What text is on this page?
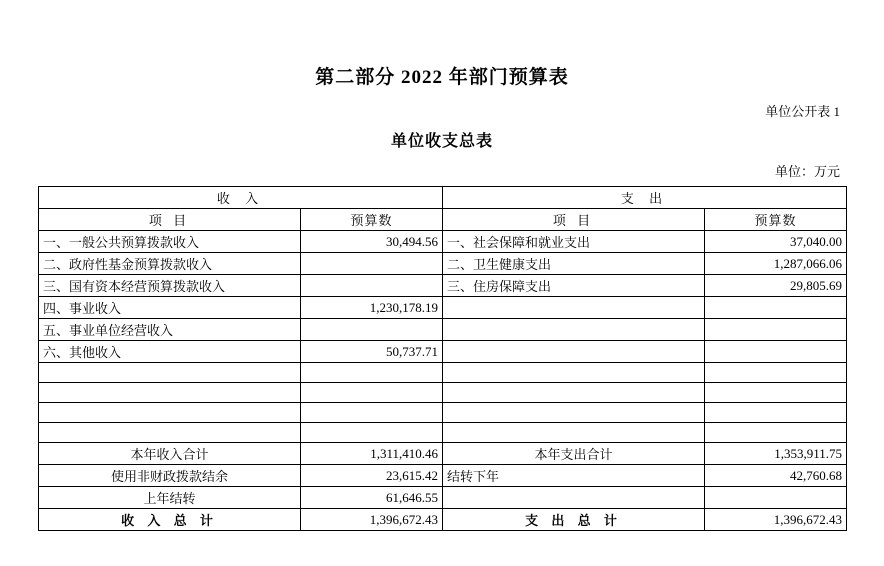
第二部分 2022 年部门预算表
单位公开表 1
单位收支总表
单位：万元
收 入		支 出	
项 目	预算数	项 目	预算数
一、一般公共预算拨款收入	30,494.56	一、社会保障和就业支出	37,040.00
二、政府性基金预算拨款收入		二、卫生健康支出	1,287,066.06
三、国有资本经营预算拨款收入		三、住房保障支出	29,805.69
四、事业收入	1,230,178.19		
五、事业单位经营收入			
六、其他收入	50,737.71		

本年收入合计	1,311,410.46	本年支出合计	1,353,911.75
使用非财政拨款结余	23,615.42	结转下年	42,760.68
上年结转	61,646.55		
收 入 总 计	1,396,672.43	支 出 总 计	1,396,672.43
